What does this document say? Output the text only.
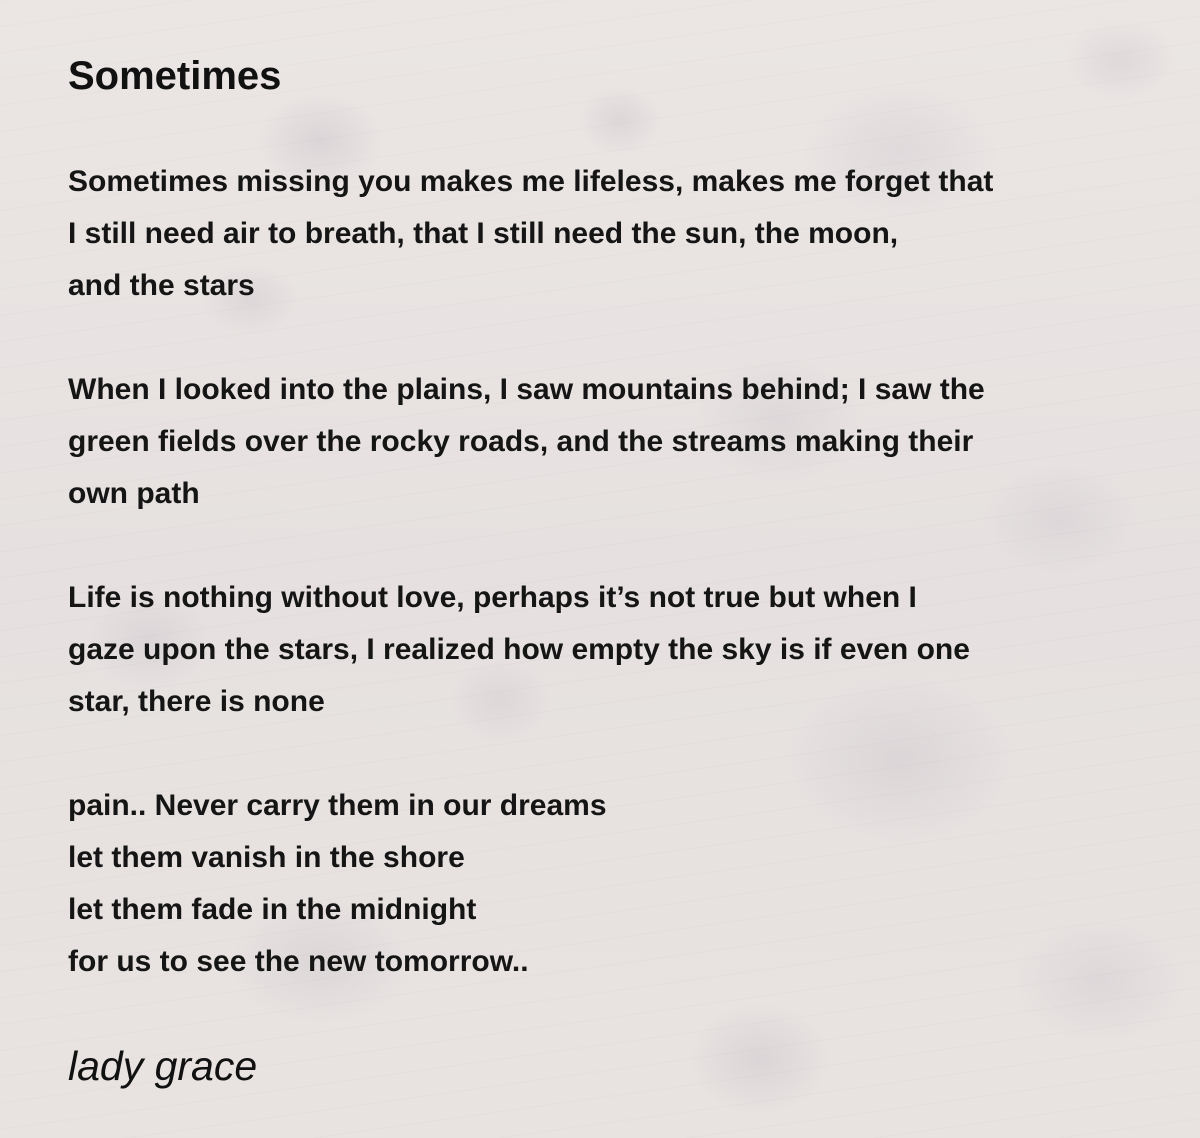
Sometimes
Sometimes missing you makes me lifeless, makes me forget that
I still need air to breath, that I still need the sun, the moon,
and the stars
When I looked into the plains, I saw mountains behind; I saw the
green fields over the rocky roads, and the streams making their
own path
Life is nothing without love, perhaps it’s not true but when I
gaze upon the stars, I realized how empty the sky is if even one
star, there is none
pain.. Never carry them in our dreams
let them vanish in the shore
let them fade in the midnight
for us to see the new tomorrow..
lady grace
